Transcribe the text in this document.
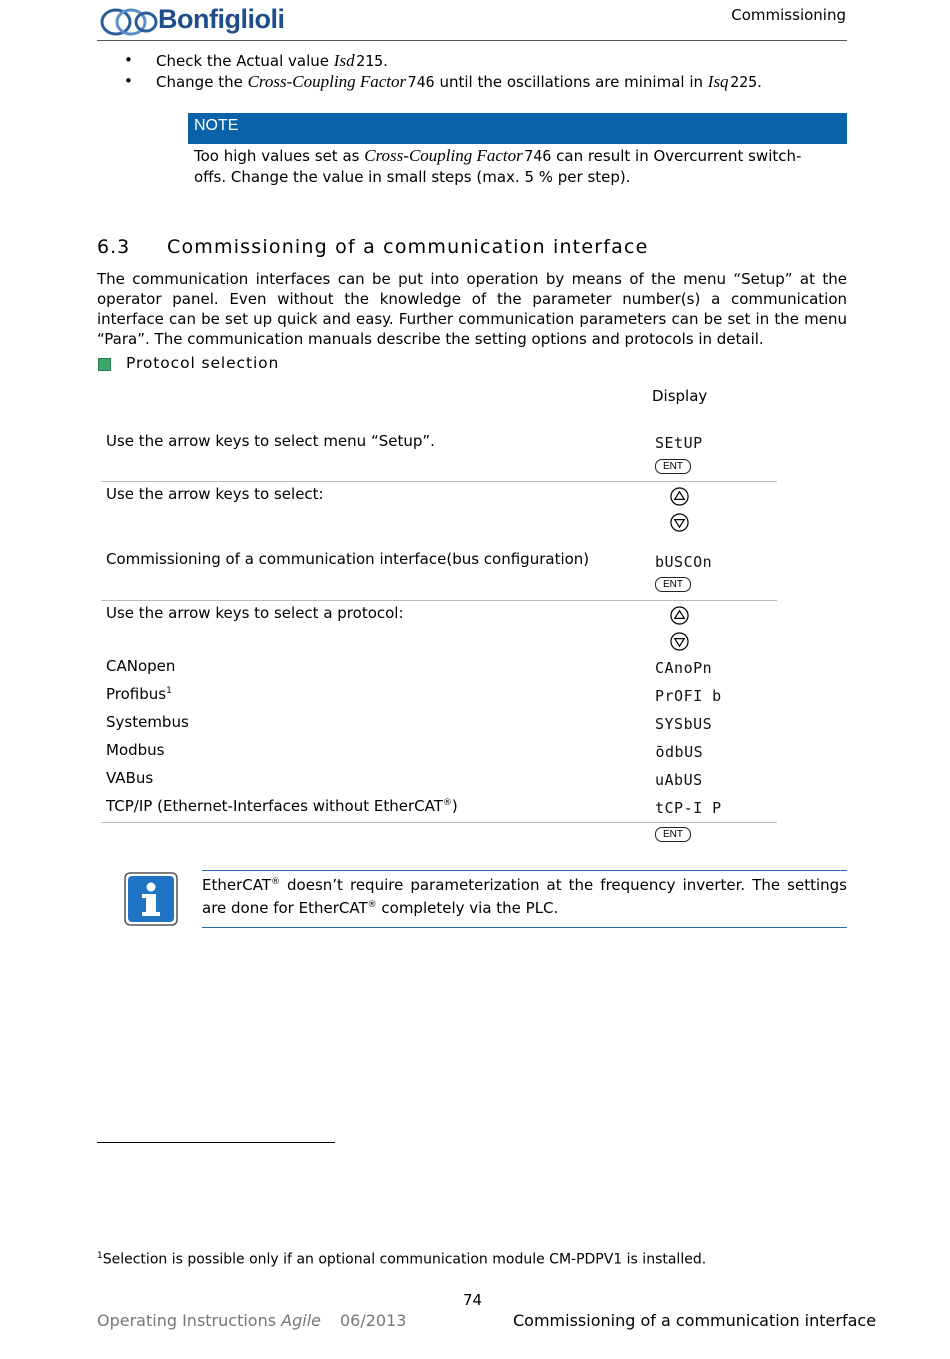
Bonfiglioli	Commissioning
• Check the Actual value Isd  215.
• Change the Cross-Coupling Factor  746 until the oscillations are minimal in Isq  225.
NOTE
Too high values set as Cross-Coupling Factor  746 can result in Overcurrent switch-
offs. Change the value in small steps (max. 5 % per step).
6.3 Commissioning of a communication interface
The communication interfaces can be put into operation by means of the menu “Setup” at the operator panel. Even without the knowledge of the parameter number(s) a communication interface can be set up quick and easy. Further communication parameters can be set in the menu “Para”. The communication manuals describe the setting options and protocols in detail.
Protocol selection
Display
Use the arrow keys to select menu “Setup”.	SEtUP
ENT
Use the arrow keys to select:
Commissioning of a communication interface(bus configuration)	bUSCOn
ENT
Use the arrow keys to select a protocol:
CANopen	CAnoPn
Profibus$^1$	PrOFI b
Systembus	SYSbUS
Modbus	̄odbUS
VABus	uAbUS
TCP/IP (Ethernet-Interfaces without EtherCAT®)	tCP-I P
ENT
EtherCAT® doesn’t require parameterization at the frequency inverter. The settings are done for EtherCAT® completely via the PLC.
$^1$Selection is possible only if an optional communication module CM-PDPV1 is installed.
74
Operating Instructions Agile 06/2013	Commissioning of a communication interface
